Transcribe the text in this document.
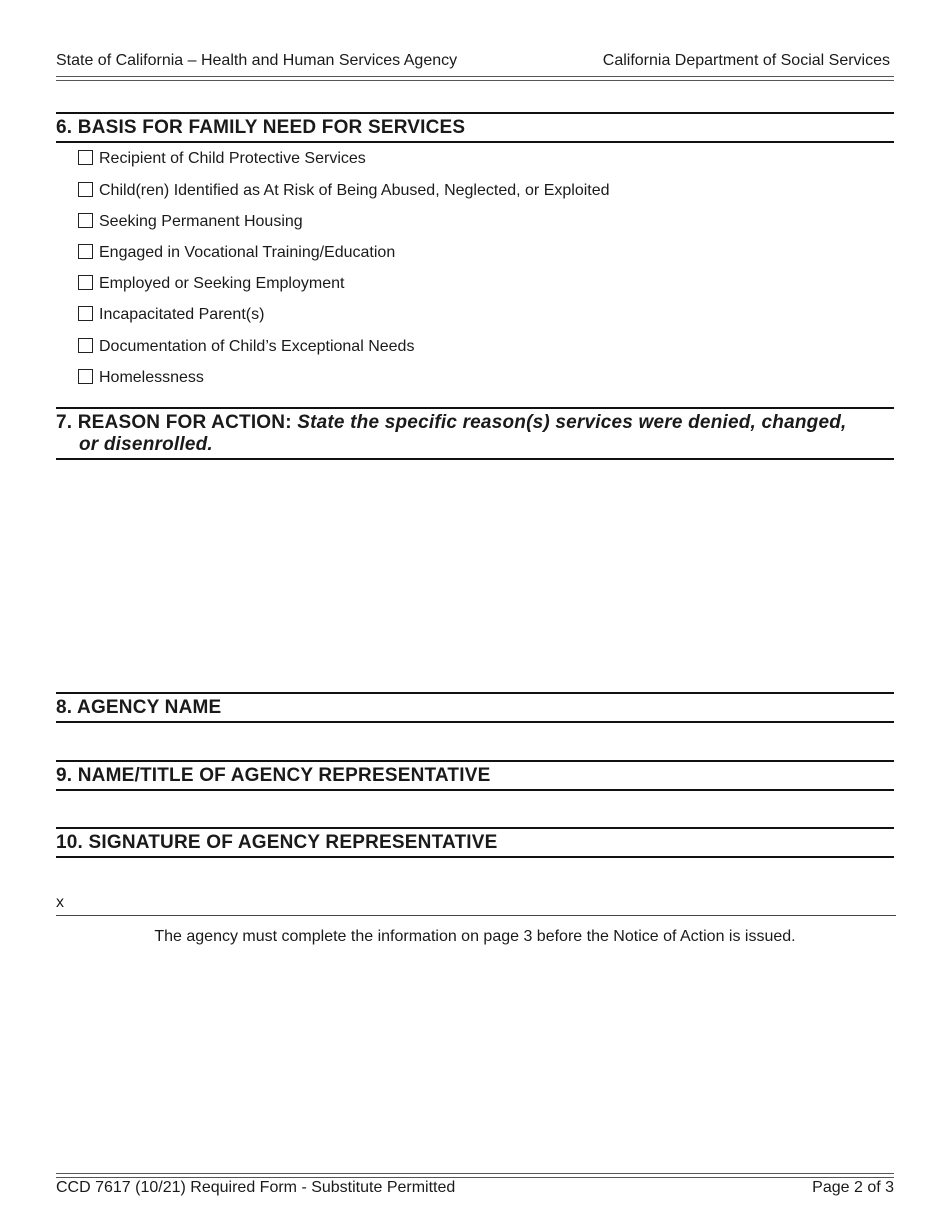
State of California – Health and Human Services Agency	California Department of Social Services
6. BASIS FOR FAMILY NEED FOR SERVICES
Recipient of Child Protective Services
Child(ren) Identified as At Risk of Being Abused, Neglected, or Exploited
Seeking Permanent Housing
Engaged in Vocational Training/Education
Employed or Seeking Employment
Incapacitated Parent(s)
Documentation of Child’s Exceptional Needs
Homelessness
7. REASON FOR ACTION: State the specific reason(s) services were denied, changed,
or disenrolled.
8. AGENCY NAME
9. NAME/TITLE OF AGENCY REPRESENTATIVE
10. SIGNATURE OF AGENCY REPRESENTATIVE
x
The agency must complete the information on page 3 before the Notice of Action is issued.
CCD 7617 (10/21) Required Form - Substitute Permitted	Page 2 of 3
